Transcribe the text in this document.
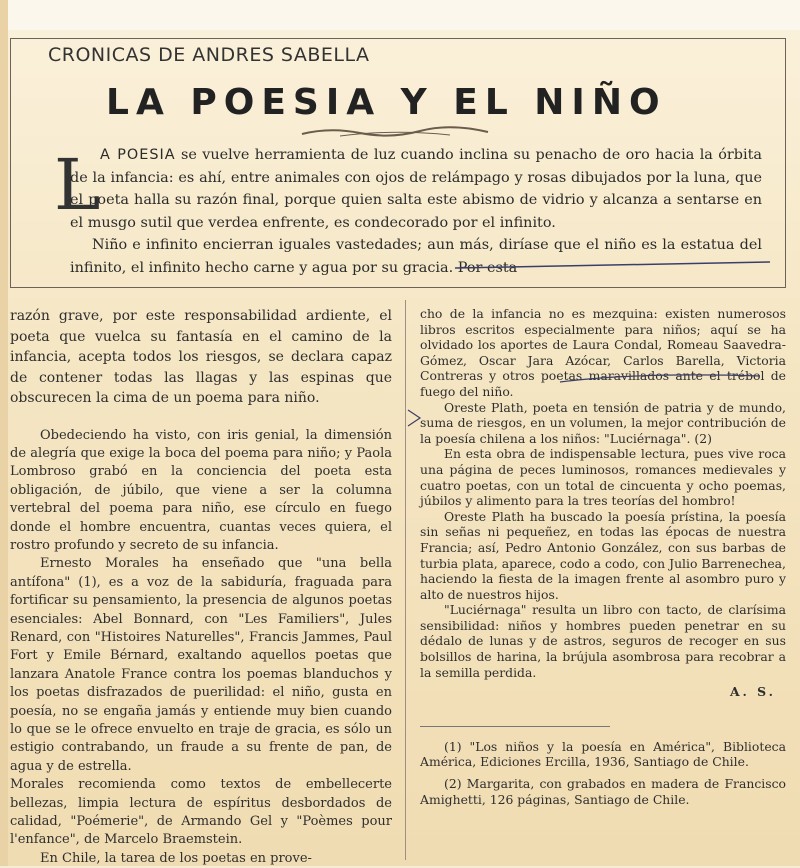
CRONICAS DE ANDRES SABELLA
LA POESIA Y EL NIÑO
L A POESIA se vuelve herramienta de luz cuando inclina su penacho de oro hacia la órbita de la infancia: es ahí, entre animales con ojos de relámpago y rosas dibujados por la luna, que el poeta halla su razón final, porque quien salta este abismo de vidrio y alcanza a sentarse en el musgo sutil que verdea enfrente, es condecorado por el infinito.

Niño e infinito encierran iguales vastedades; aun más, diríase que el niño es la estatua del infinito, el infinito hecho carne y agua por su gracia. Por esta

razón grave, por este responsabilidad ardiente, el poeta que vuelca su fantasía en el camino de la infancia, acepta todos los riesgos, se declara capaz de contener todas las llagas y las espinas que obscurecen la cima de un poema para niño.

Obedeciendo ha visto, con iris genial, la dimensión de alegría que exige la boca del poema para niño; y Paola Lombroso grabó en la conciencia del poeta esta obligación, de júbilo, que viene a ser la columna vertebral del poema para niño, ese círculo en fuego donde el hombre encuentra, cuantas veces quiera, el rostro profundo y secreto de su infancia.

Ernesto Morales ha enseñado que "una bella antífona" (1), es a voz de la sabiduría, fraguada para fortificar su pensamiento, la presencia de algunos poetas esenciales: Abel Bonnard, con "Les Familiers", Jules Renard, con "Histoires Naturelles", Francis Jammes, Paul Fort y Emile Bérnard, exaltando aquellos poetas que lanzara Anatole France contra los poemas blanduchos y los poetas disfrazados de puerilidad: el niño, gusta en poesía, no se engaña jamás y entiende muy bien cuando lo que se le ofrece envuelto en traje de gracia, es sólo un estigio contrabando, un fraude a su frente de pan, de agua y de estrella.

Morales recomienda como textos de embellecerte bellezas, limpia lectura de espíritus desbordados de calidad, "Poémerie", de Armando Gel y "Poèmes pour l'enfance", de Marcelo Braemstein.

En Chile, la tarea de los poetas en prove-

cho de la infancia no es mezquina: existen numerosos libros escritos especialmente para niños; aquí se ha olvidado los aportes de Laura Condal, Romeau Saavedra-Gómez, Oscar Jara Azócar, Carlos Barella, Victoria Contreras y otros poetas maravillados ante el trébol de fuego del niño.

Oreste Plath, poeta en tensión de patria y de mundo, suma de riesgos, en un volumen, la mejor contribución de la poesía chilena a los niños: "Luciérnaga". (2)

En esta obra de indispensable lectura, pues vive roca una página de peces luminosos, romances medievales y cuatro poetas, con un total de cincuenta y ocho poemas, júbilos y alimento para la tres teorías del hombro!

Oreste Plath ha buscado la poesía prístina, la poesía sin señas ni pequeñez, en todas las épocas de nuestra Francia; así, Pedro Antonio González, con sus barbas de turbia plata, aparece, codo a codo, con Julio Barrenechea, haciendo la fiesta de la imagen frente al asombro puro y alto de nuestros hijos.

"Luciérnaga" resulta un libro con tacto, de clarísima sensibilidad: niños y hombres pueden penetrar en su dédalo de lunas y de astros, seguros de recoger en sus bolsillos de harina, la brújula asombrosa para recobrar a la semilla perdida.

A. S.

(1) "Los niños y la poesía en América", Biblioteca América, Ediciones Ercilla, 1936, Santiago de Chile.

(2) Margarita, con grabados en madera de Francisco Amighetti, 126 páginas, Santiago de Chile.
